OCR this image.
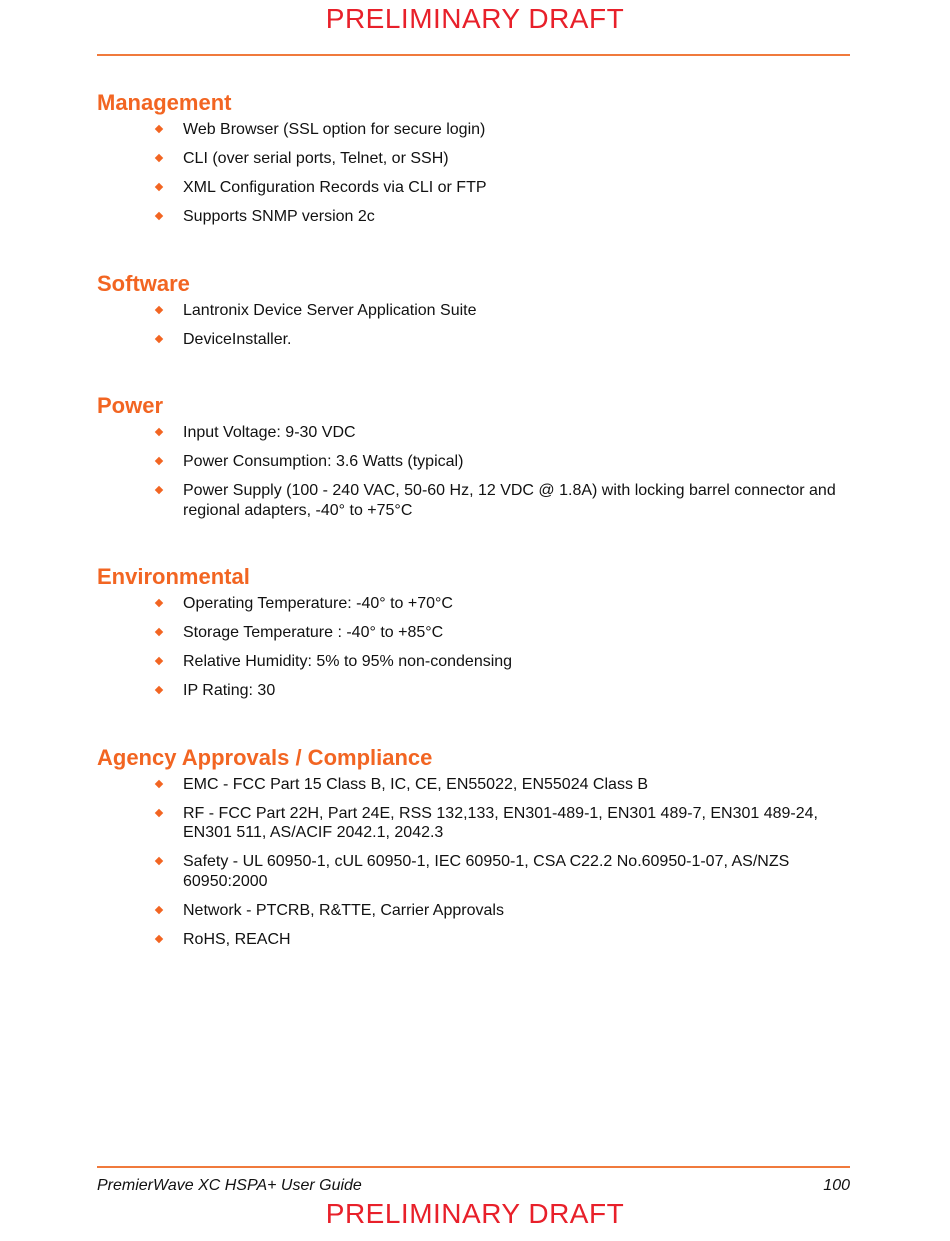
PRELIMINARY DRAFT
Management
Web Browser (SSL option for secure login)
CLI (over serial ports, Telnet, or SSH)
XML Configuration Records via CLI or FTP
Supports SNMP version 2c
Software
Lantronix Device Server Application Suite
DeviceInstaller.
Power
Input Voltage: 9-30 VDC
Power Consumption: 3.6 Watts (typical)
Power Supply (100 - 240 VAC, 50-60 Hz, 12 VDC @ 1.8A) with locking barrel connector and regional adapters, -40° to +75°C
Environmental
Operating Temperature: -40° to +70°C
Storage Temperature : -40° to +85°C
Relative Humidity: 5% to 95% non-condensing
IP Rating: 30
Agency Approvals / Compliance
EMC - FCC Part 15 Class B, IC, CE, EN55022, EN55024 Class B
RF - FCC Part 22H, Part 24E, RSS 132,133, EN301-489-1, EN301 489-7, EN301 489-24, EN301 511, AS/ACIF 2042.1, 2042.3
Safety - UL 60950-1, cUL 60950-1, IEC 60950-1, CSA C22.2 No.60950-1-07, AS/NZS 60950:2000
Network - PTCRB, R&TTE, Carrier Approvals
RoHS, REACH
PremierWave XC HSPA+ User Guide	100
PRELIMINARY DRAFT
